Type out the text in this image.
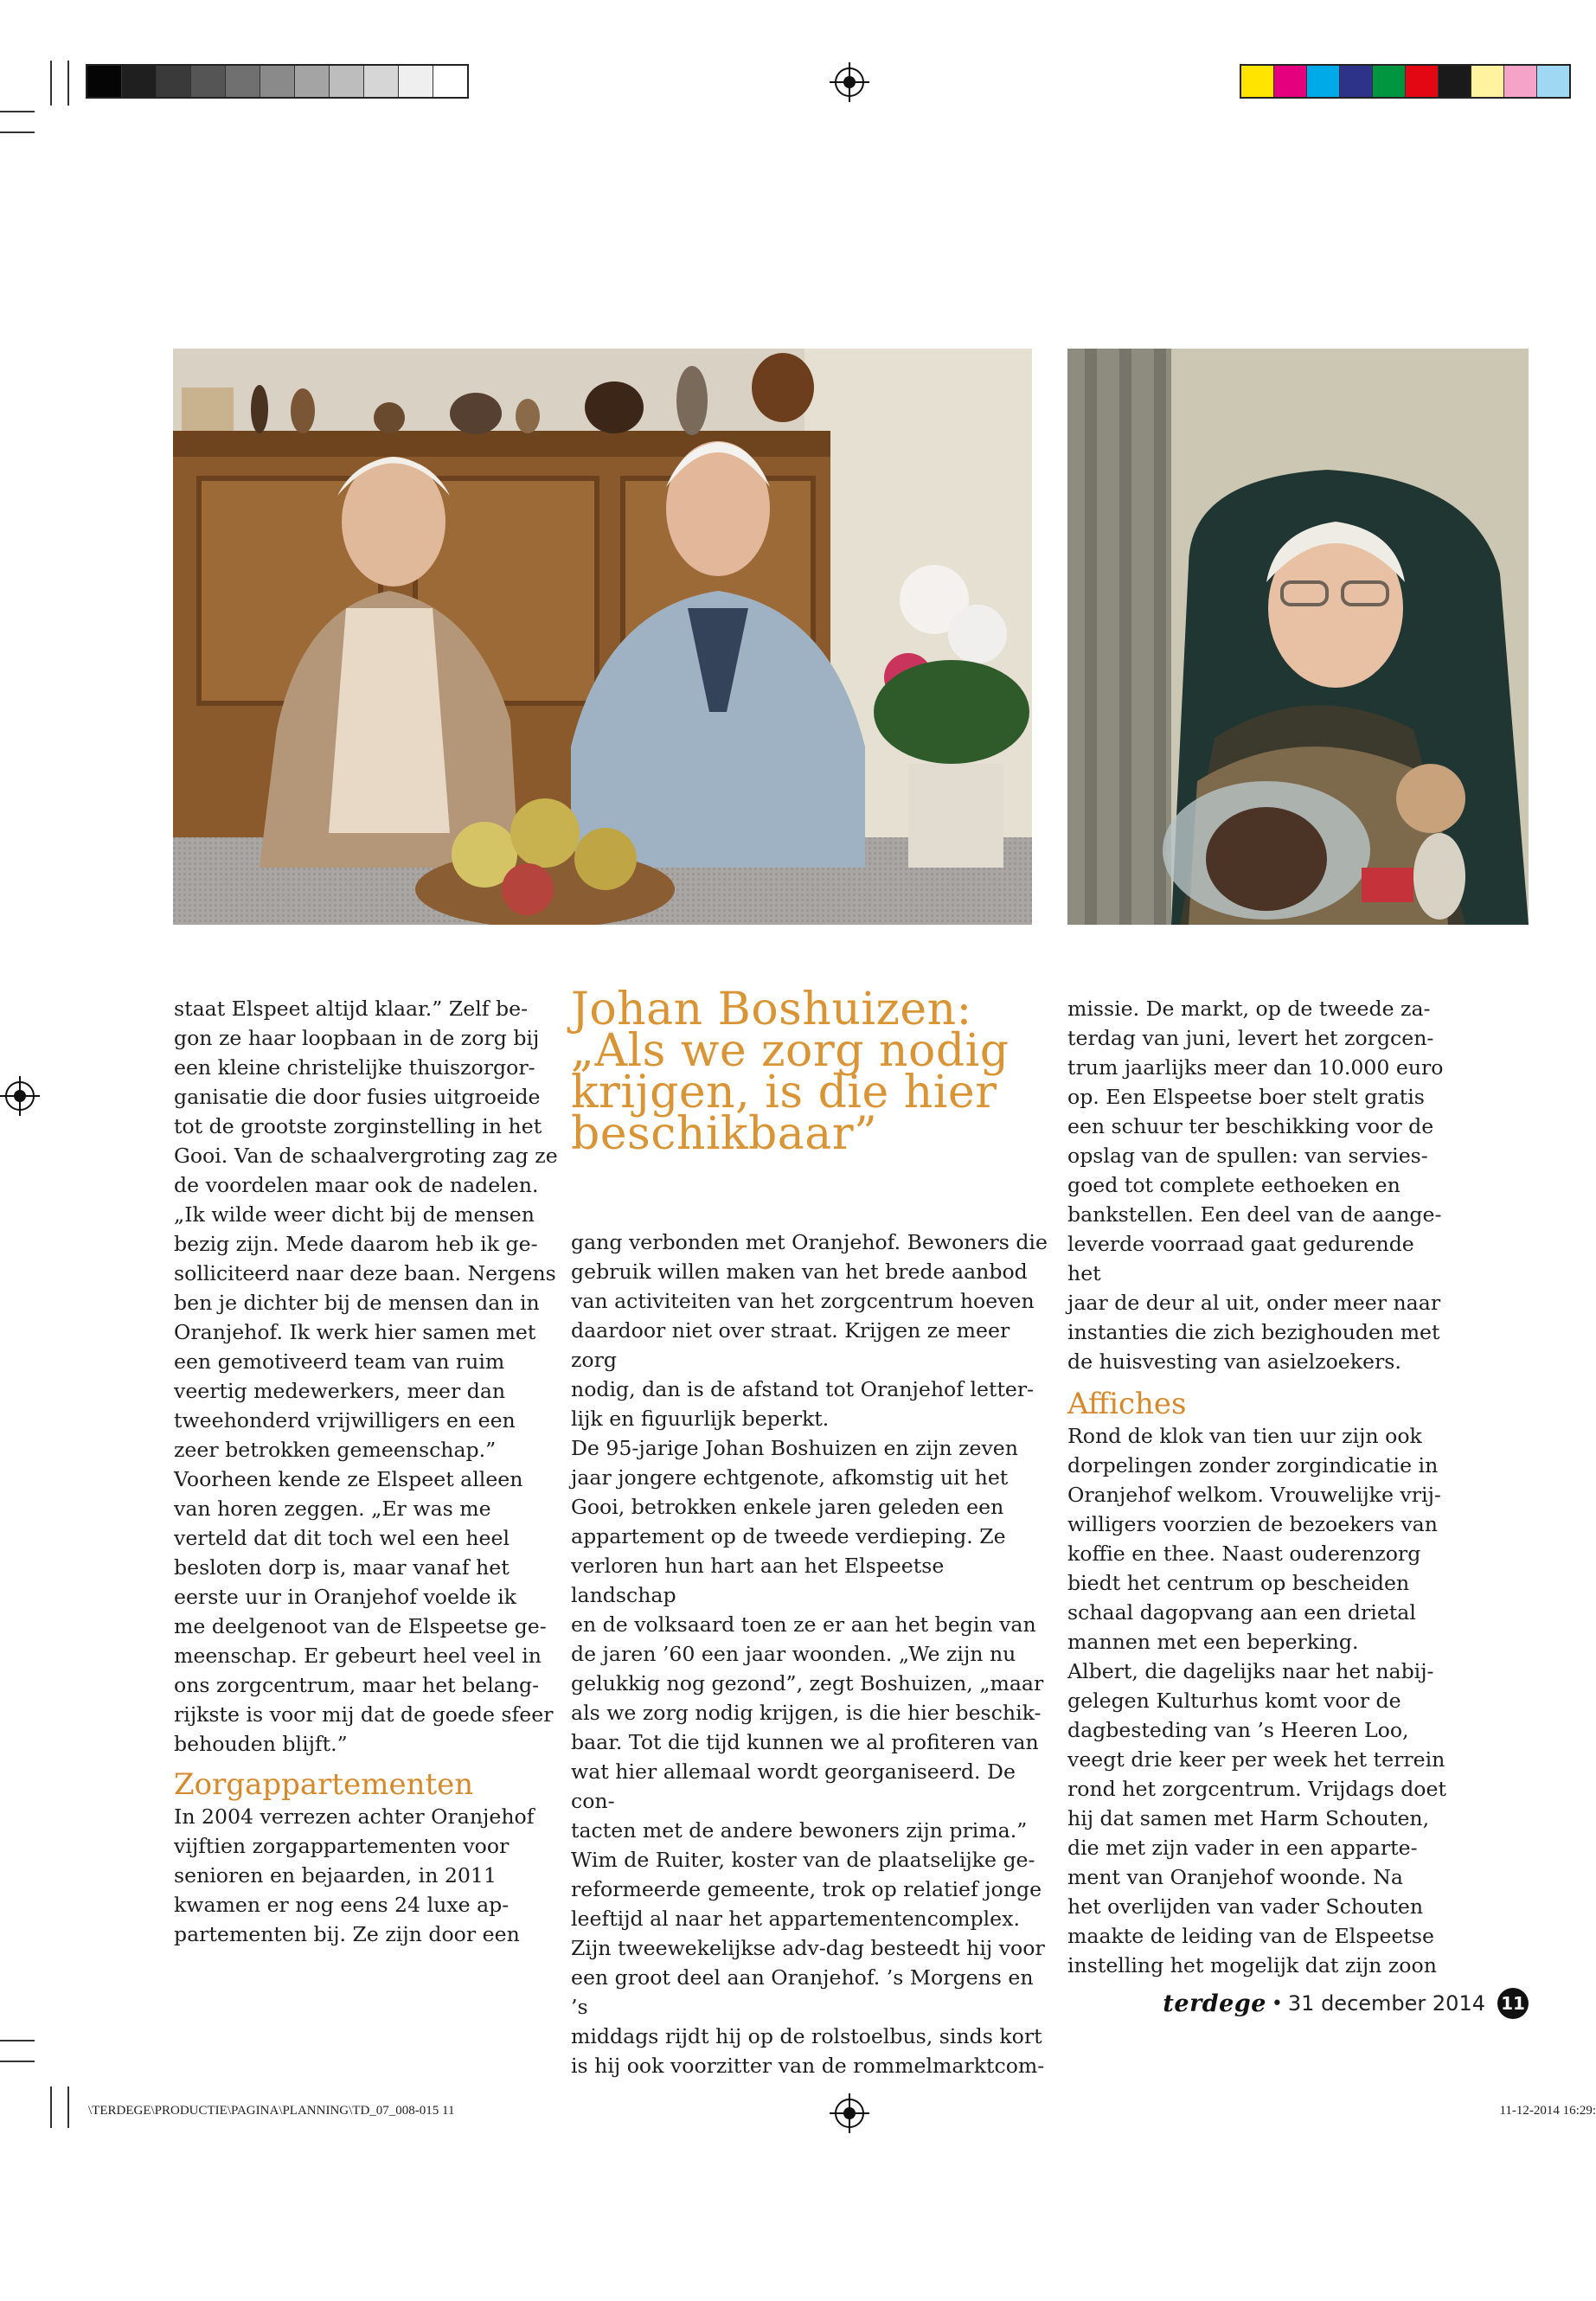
staat Elspeet altijd klaar.” Zelf be-
gon ze haar loopbaan in de zorg bij
een kleine christelijke thuiszorgor-
ganisatie die door fusies uitgroeide
tot de grootste zorginstelling in het
Gooi. Van de schaalvergroting zag ze
de voordelen maar ook de nadelen.
„Ik wilde weer dicht bij de mensen
bezig zijn. Mede daarom heb ik ge-
solliciteerd naar deze baan. Nergens
ben je dichter bij de mensen dan in
Oranjehof. Ik werk hier samen met
een gemotiveerd team van ruim
veertig medewerkers, meer dan
tweehonderd vrijwilligers en een
zeer betrokken gemeenschap.”
Voorheen kende ze Elspeet alleen
van horen zeggen. „Er was me
verteld dat dit toch wel een heel
besloten dorp is, maar vanaf het
eerste uur in Oranjehof voelde ik
me deelgenoot van de Elspeetse ge-
meenschap. Er gebeurt heel veel in
ons zorgcentrum, maar het belang-
rijkste is voor mij dat de goede sfeer
behouden blijft.”
Zorgappartementen
In 2004 verrezen achter Oranjehof
vijftien zorgappartementen voor
senioren en bejaarden, in 2011
kwamen er nog eens 24 luxe ap-
partementen bij. Ze zijn door een
Johan Boshuizen:
„Als we zorg nodig
krijgen, is die hier
beschikbaar”
gang verbonden met Oranjehof. Bewoners die
gebruik willen maken van het brede aanbod
van activiteiten van het zorgcentrum hoeven
daardoor niet over straat. Krijgen ze meer zorg
nodig, dan is de afstand tot Oranjehof letter-
lijk en figuurlijk beperkt.
De 95-jarige Johan Boshuizen en zijn zeven
jaar jongere echtgenote, afkomstig uit het
Gooi, betrokken enkele jaren geleden een
appartement op de tweede verdieping. Ze
verloren hun hart aan het Elspeetse landschap
en de volksaard toen ze er aan het begin van
de jaren ’60 een jaar woonden. „We zijn nu
gelukkig nog gezond”, zegt Boshuizen, „maar
als we zorg nodig krijgen, is die hier beschik-
baar. Tot die tijd kunnen we al profiteren van
wat hier allemaal wordt georganiseerd. De con-
tacten met de andere bewoners zijn prima.”
Wim de Ruiter, koster van de plaatselijke ge-
reformeerde gemeente, trok op relatief jonge
leeftijd al naar het appartementencomplex.
Zijn tweewekelijkse adv-dag besteedt hij voor
een groot deel aan Oranjehof. ’s Morgens en ’s
middags rijdt hij op de rolstoelbus, sinds kort
is hij ook voorzitter van de rommelmarktcom-
missie. De markt, op de tweede za-
terdag van juni, levert het zorgcen-
trum jaarlijks meer dan 10.000 euro
op. Een Elspeetse boer stelt gratis
een schuur ter beschikking voor de
opslag van de spullen: van servies-
goed tot complete eethoeken en
bankstellen. Een deel van de aange-
leverde voorraad gaat gedurende het
jaar de deur al uit, onder meer naar
instanties die zich bezighouden met
de huisvesting van asielzoekers.
Affiches
Rond de klok van tien uur zijn ook
dorpelingen zonder zorgindicatie in
Oranjehof welkom. Vrouwelijke vrij-
willigers voorzien de bezoekers van
koffie en thee. Naast ouderenzorg
biedt het centrum op bescheiden
schaal dagopvang aan een drietal
mannen met een beperking.
Albert, die dagelijks naar het nabij-
gelegen Kulturhus komt voor de
dagbesteding van ’s Heeren Loo,
veegt drie keer per week het terrein
rond het zorgcentrum. Vrijdags doet
hij dat samen met Harm Schouten,
die met zijn vader in een apparte-
ment van Oranjehof woonde. Na
het overlijden van vader Schouten
maakte de leiding van de Elspeetse
instelling het mogelijk dat zijn zoon
terdege • 31 december 2014 11
\TERDEGE\PRODUCTIE\PAGINA\PLANNING\TD_07_008-015 11	11-12-2014 16:29:
